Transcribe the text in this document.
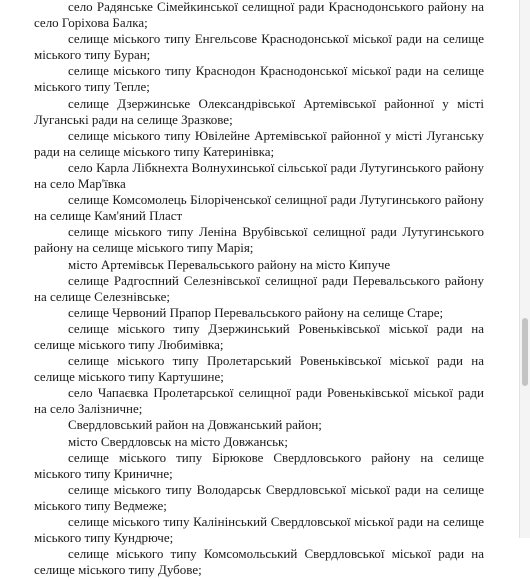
село Радянське Сімейкинської селищної ради Краснодонського району на село Горіхова Балка;

селище міського типу Енгельсове Краснодонської міської ради на селище міського типу Буран;

селище міського типу Краснодон Краснодонської міської ради на селище міського типу Тепле;

селище Дзержинське Олександрівської Артемівської районної у місті Луганські ради на селище Зразкове;

селище міського типу Ювілейне Артемівської районної у місті Луганську ради на селище міського типу Катеринівка;

село Карла Лібкнехта Волнухинської сільської ради Лутугинського району на село Мар'ївка

селище Комсомолець Білоріченської селищної ради Лутугинського району на селище Кам'яний Пласт

селище міського типу Леніна Врубівської селищної ради Лутугинського району на селище міського типу Марія;

місто Артемівськ Перевальського району на місто Кипуче

селище Радгоспний Селезнівської селищної ради Перевальського району на селище Селезнівське;

селище Червоний Прапор Перевальського району на селище Старе;

селище міського типу Дзержинський Ровеньківської міської ради на селище міського типу Любимівка;

селище міського типу Пролетарський Ровеньківської міської ради на селище міського типу Картушине;

село Чапаєвка Пролетарської селищної ради Ровеньківської міської ради на село Залізничне;

Свердловський район на Довжанський район;

місто Свердловськ на місто Довжанськ;

селище міського типу Бірюкове Свердловського району на селище міського типу Криничне;

селище міського типу Володарськ Свердловської міської ради на селище міського типу Ведмеже;

селище міського типу Калінінський Свердловської міської ради на селище міського типу Кундрюче;

селище міського типу Комсомольський Свердловської міської ради на селище міського типу Дубове;
